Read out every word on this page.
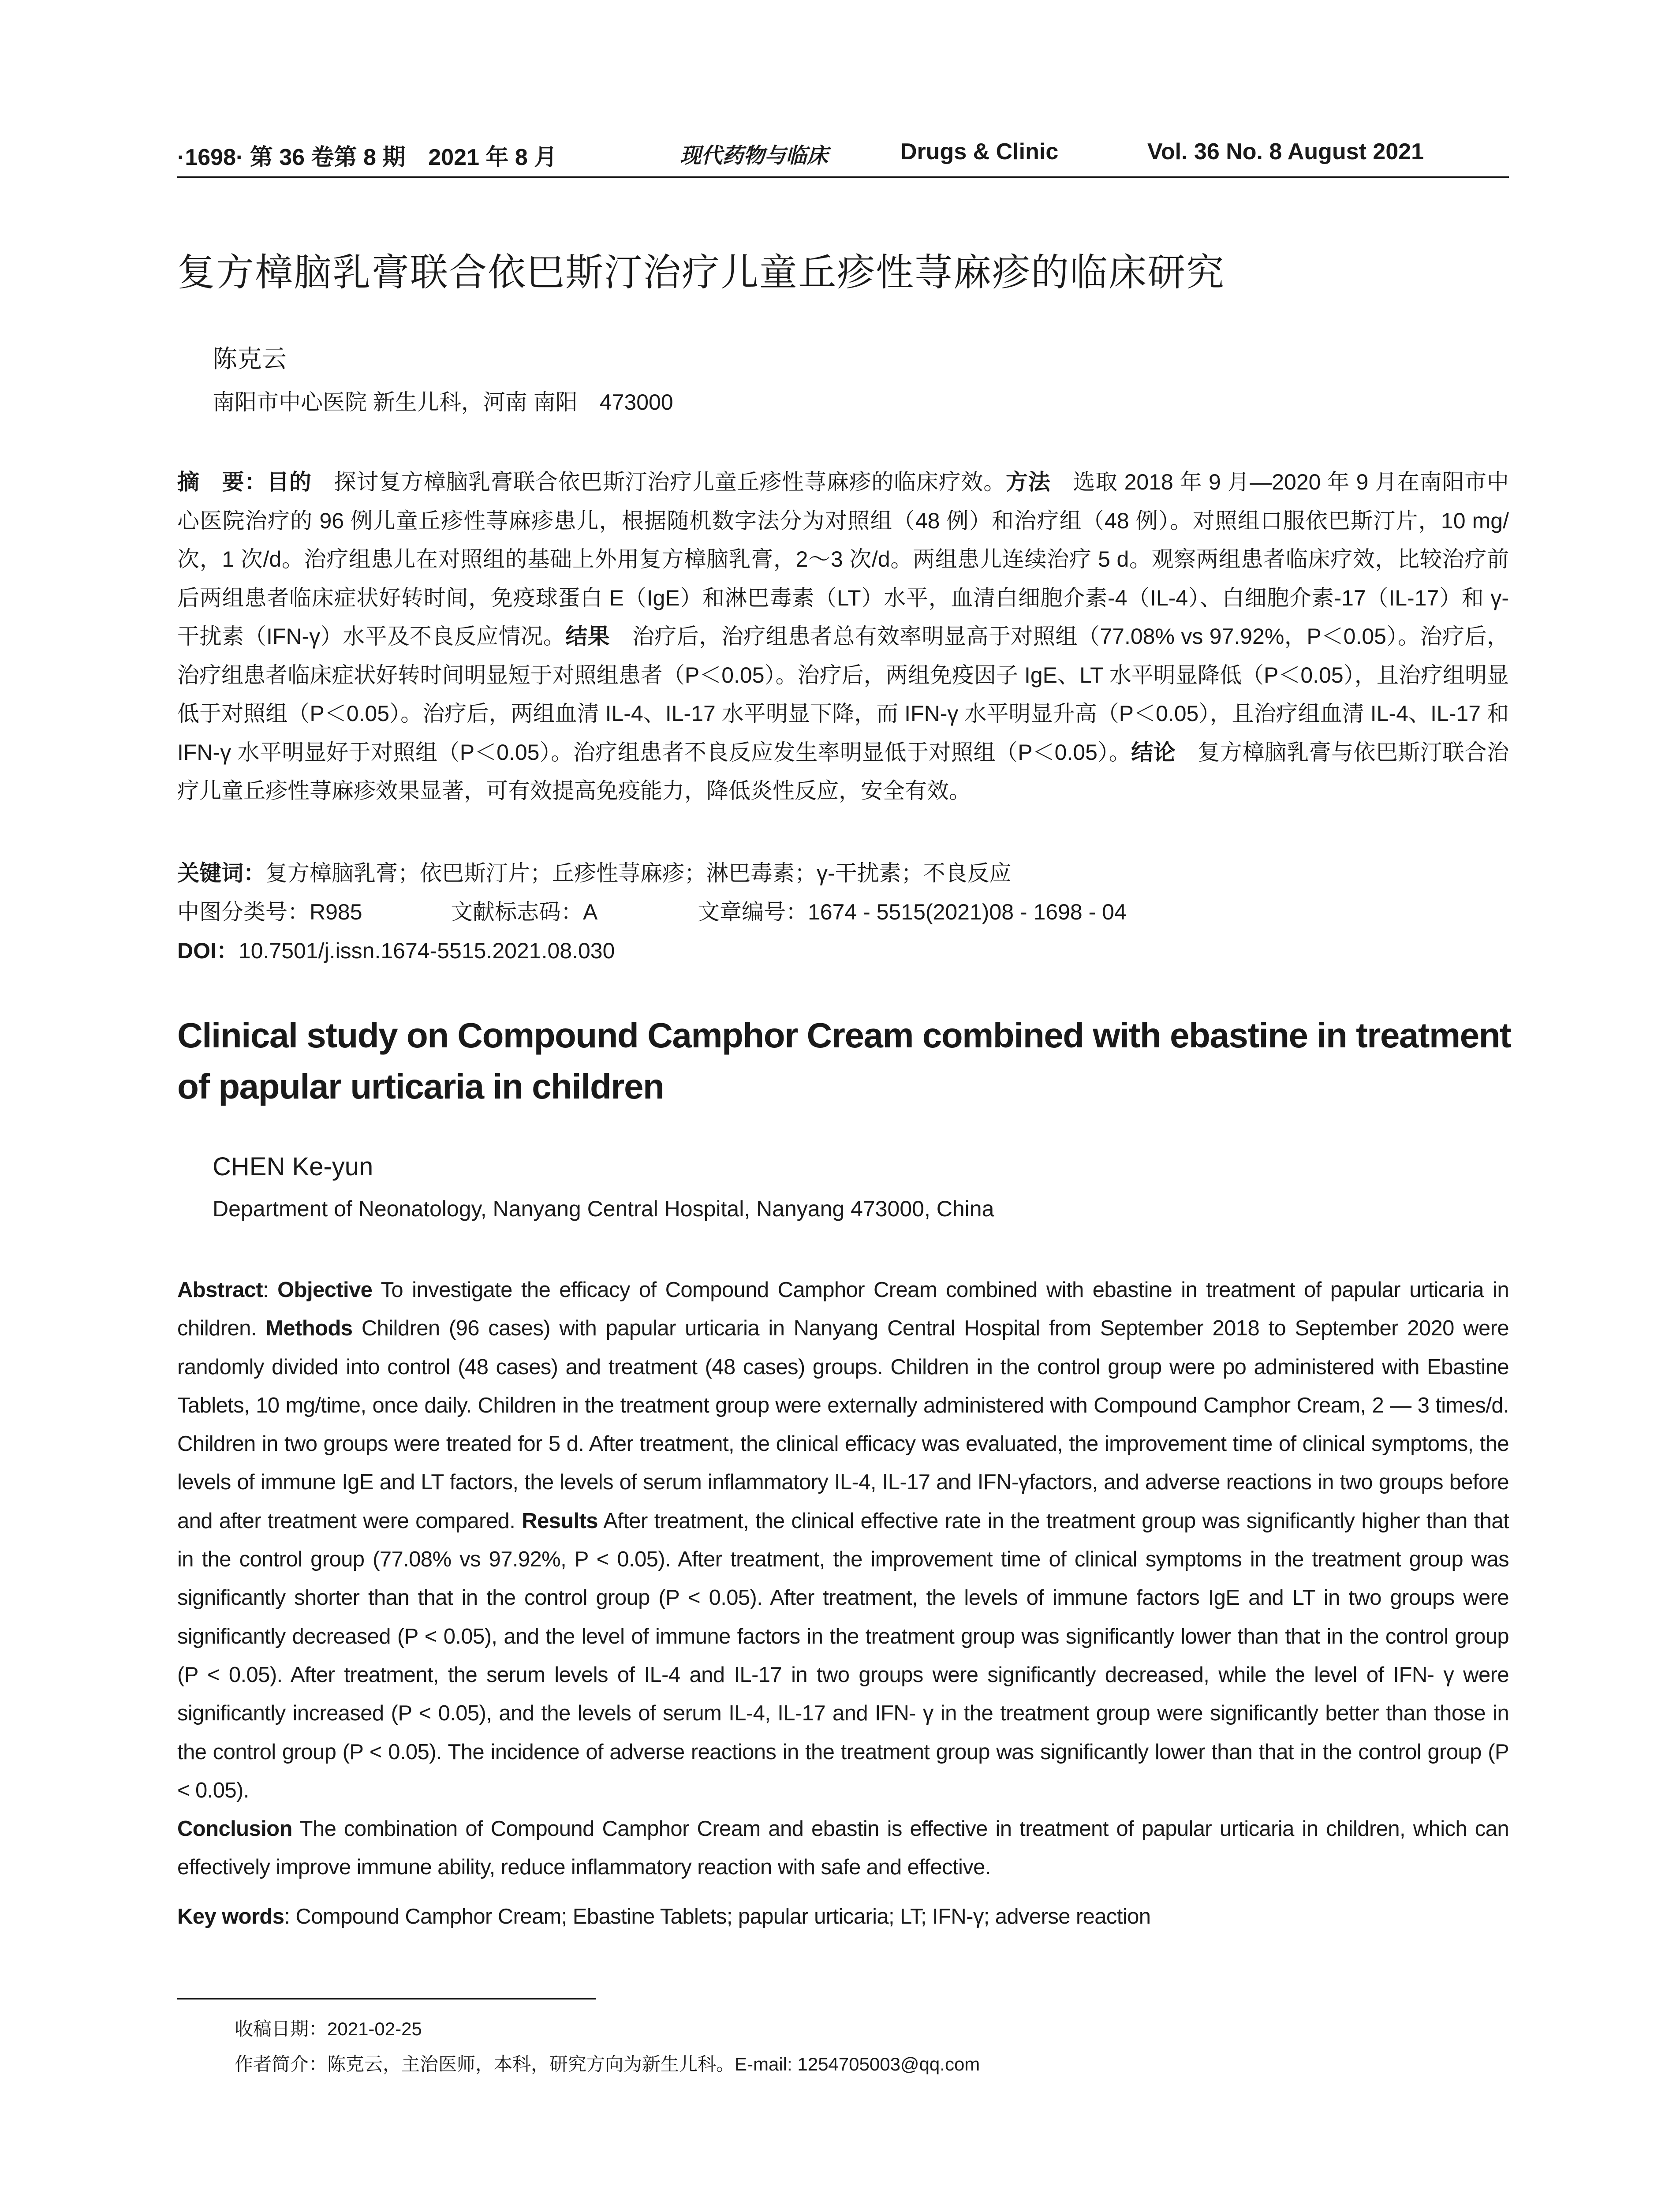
·1698· 第 36 卷第 8 期　2021 年 8 月	现代药物与临床	Drugs & Clinic	Vol. 36 No. 8 August 2021
复方樟脑乳膏联合依巴斯汀治疗儿童丘疹性荨麻疹的临床研究
陈克云
南阳市中心医院 新生儿科，河南 南阳　473000
摘　要：目的　探讨复方樟脑乳膏联合依巴斯汀治疗儿童丘疹性荨麻疹的临床疗效。方法　选取 2018 年 9 月—2020 年 9 月在南阳市中心医院治疗的 96 例儿童丘疹性荨麻疹患儿，根据随机数字法分为对照组（48 例）和治疗组（48 例）。对照组口服依巴斯汀片，10 mg/次，1 次/d。治疗组患儿在对照组的基础上外用复方樟脑乳膏，2～3 次/d。两组患儿连续治疗 5 d。观察两组患者临床疗效，比较治疗前后两组患者临床症状好转时间，免疫球蛋白 E（IgE）和淋巴毒素（LT）水平，血清白细胞介素-4（IL-4）、白细胞介素-17（IL-17）和 γ-干扰素（IFN-γ）水平及不良反应情况。结果　治疗后，治疗组患者总有效率明显高于对照组（77.08% vs 97.92%，P＜0.05）。治疗后，治疗组患者临床症状好转时间明显短于对照组患者（P＜0.05）。治疗后，两组免疫因子 IgE、LT 水平明显降低（P＜0.05），且治疗组明显低于对照组（P＜0.05）。治疗后，两组血清 IL-4、IL-17 水平明显下降，而 IFN-γ 水平明显升高（P＜0.05），且治疗组血清 IL-4、IL-17 和 IFN-γ 水平明显好于对照组（P＜0.05）。治疗组患者不良反应发生率明显低于对照组（P＜0.05）。结论　复方樟脑乳膏与依巴斯汀联合治疗儿童丘疹性荨麻疹效果显著，可有效提高免疫能力，降低炎性反应，安全有效。
关键词：复方樟脑乳膏；依巴斯汀片；丘疹性荨麻疹；淋巴毒素；γ-干扰素；不良反应
中图分类号：R985	文献标志码：A	文章编号：1674 - 5515(2021)08 - 1698 - 04
DOI：10.7501/j.issn.1674-5515.2021.08.030
Clinical study on Compound Camphor Cream combined with ebastine in treatment of papular urticaria in children
CHEN Ke-yun
Department of Neonatology, Nanyang Central Hospital, Nanyang 473000, China
Abstract: Objective To investigate the efficacy of Compound Camphor Cream combined with ebastine in treatment of papular urticaria in children. Methods Children (96 cases) with papular urticaria in Nanyang Central Hospital from September 2018 to September 2020 were randomly divided into control (48 cases) and treatment (48 cases) groups. Children in the control group were po administered with Ebastine Tablets, 10 mg/time, once daily. Children in the treatment group were externally administered with Compound Camphor Cream, 2 — 3 times/d. Children in two groups were treated for 5 d. After treatment, the clinical efficacy was evaluated, the improvement time of clinical symptoms, the levels of immune IgE and LT factors, the levels of serum inflammatory IL-4, IL-17 and IFN-γfactors, and adverse reactions in two groups before and after treatment were compared. Results After treatment, the clinical effective rate in the treatment group was significantly higher than that in the control group (77.08% vs 97.92%, P < 0.05). After treatment, the improvement time of clinical symptoms in the treatment group was significantly shorter than that in the control group (P < 0.05). After treatment, the levels of immune factors IgE and LT in two groups were significantly decreased (P < 0.05), and the level of immune factors in the treatment group was significantly lower than that in the control group (P < 0.05). After treatment, the serum levels of IL-4 and IL-17 in two groups were significantly decreased, while the level of IFN- γ were significantly increased (P < 0.05), and the levels of serum IL-4, IL-17 and IFN- γ in the treatment group were significantly better than those in the control group (P < 0.05). The incidence of adverse reactions in the treatment group was significantly lower than that in the control group (P < 0.05).
Conclusion The combination of Compound Camphor Cream and ebastin is effective in treatment of papular urticaria in children, which can effectively improve immune ability, reduce inflammatory reaction with safe and effective.
Key words: Compound Camphor Cream; Ebastine Tablets; papular urticaria; LT; IFN-γ; adverse reaction
收稿日期：2021-02-25
作者简介：陈克云，主治医师，本科，研究方向为新生儿科。E-mail: 1254705003@qq.com
